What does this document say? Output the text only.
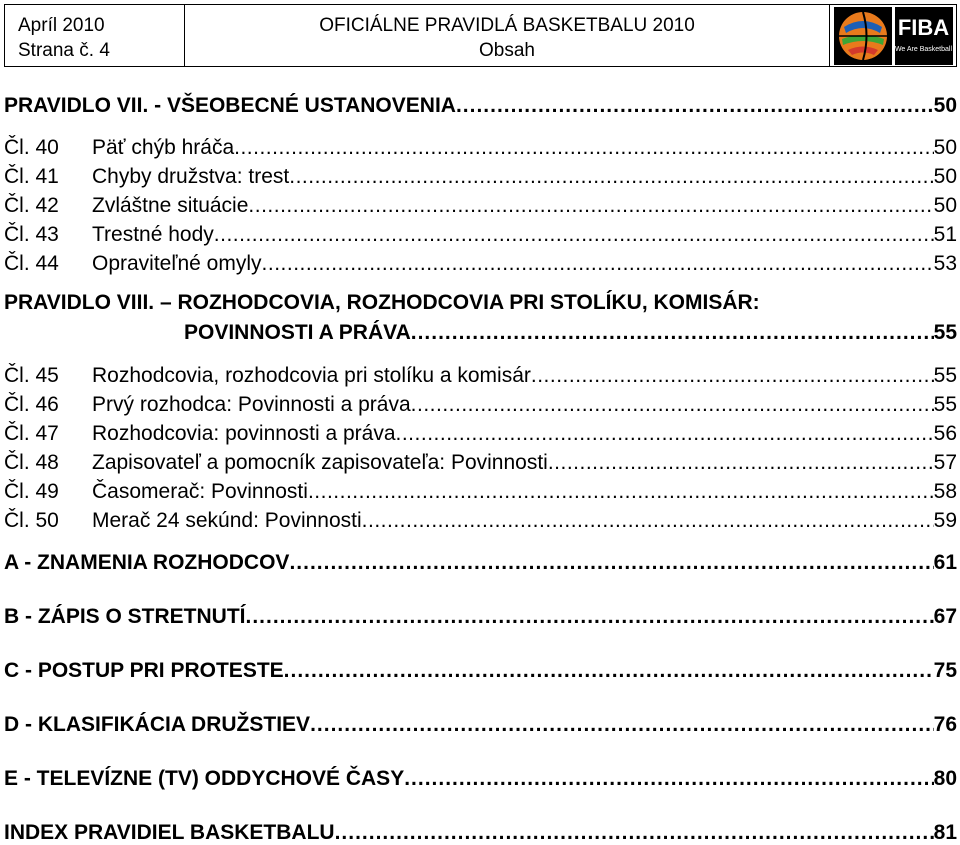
Apríl 2010
Strana č. 4
OFICIÁLNE PRAVIDLÁ BASKETBALU 2010
Obsah
FIBA
We Are Basketball
PRAVIDLO VII. - VŠEOBECNÉ USTANOVENIA .....	50
Čl. 40	Päť chýb hráča .....	50
Čl. 41	Chyby družstva: trest .....	50
Čl. 42	Zvláštne situácie .....	50
Čl. 43	Trestné hody .....	51
Čl. 44	Opraviteľné omyly .....	53
PRAVIDLO VIII. – ROZHODCOVIA, ROZHODCOVIA PRI STOLÍKU, KOMISÁR:
POVINNOSTI A PRÁVA .....	55
Čl. 45	Rozhodcovia, rozhodcovia pri stolíku a komisár .....	55
Čl. 46	Prvý rozhodca: Povinnosti a práva .....	55
Čl. 47	Rozhodcovia: povinnosti a práva .....	56
Čl. 48	Zapisovateľ a pomocník zapisovateľa: Povinnosti .....	57
Čl. 49	Časomerač: Povinnosti .....	58
Čl. 50	Merač 24 sekúnd: Povinnosti .....	59
A - ZNAMENIA ROZHODCOV .....	61
B - ZÁPIS O STRETNUTÍ .....	67
C - POSTUP PRI PROTESTE .....	75
D - KLASIFIKÁCIA DRUŽSTIEV .....	76
E - TELEVÍZNE (TV) ODDYCHOVÉ ČASY .....	80
INDEX PRAVIDIEL BASKETBALU .....	81
